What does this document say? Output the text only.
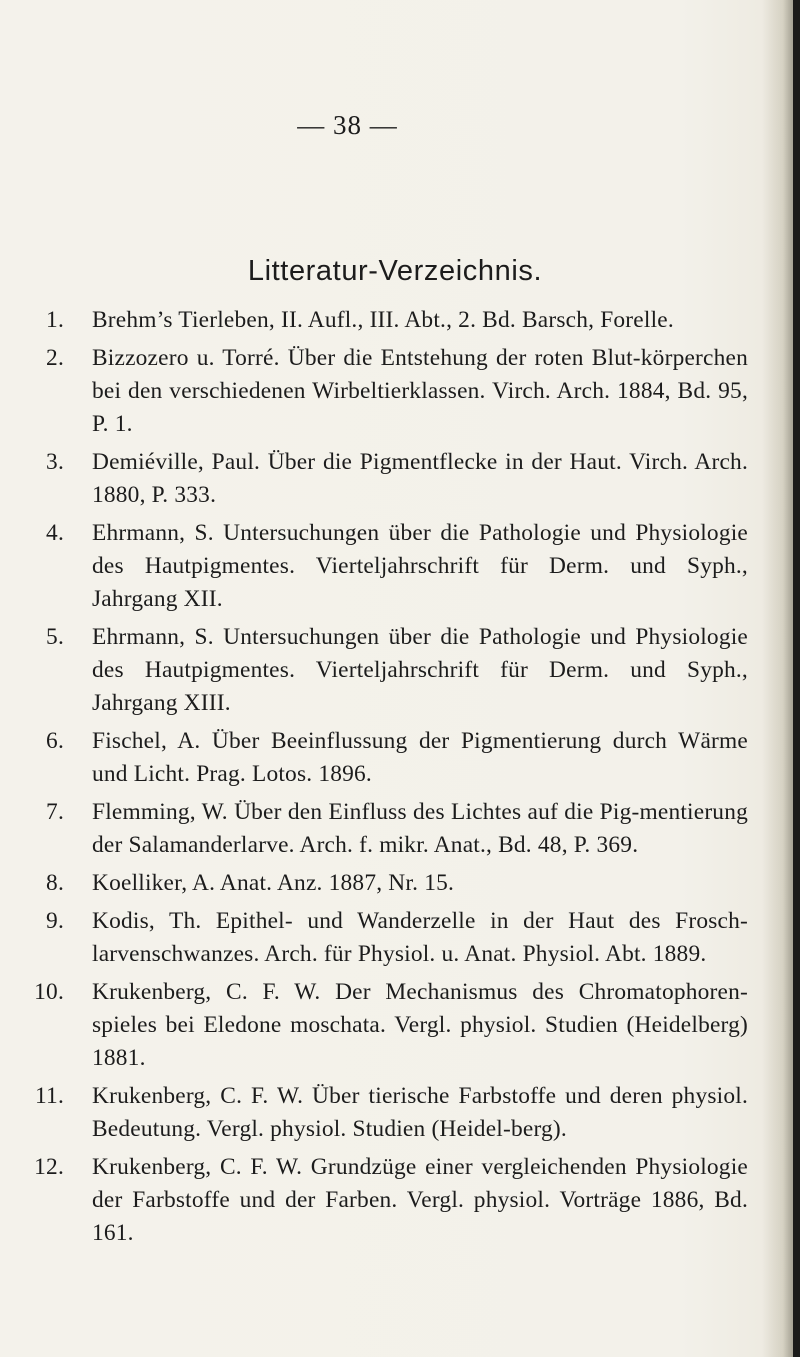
— 38 —
Litteratur-Verzeichnis.
1. Brehm’s Tierleben, II. Aufl., III. Abt., 2. Bd. Barsch, Forelle.
2. Bizzozero u. Torré. Über die Entstehung der roten Blut-körperchen bei den verschiedenen Wirbeltierklassen. Virch. Arch. 1884, Bd. 95, P. 1.
3. Demiéville, Paul. Über die Pigmentflecke in der Haut. Virch. Arch. 1880, P. 333.
4. Ehrmann, S. Untersuchungen über die Pathologie und Physiologie des Hautpigmentes. Vierteljahrschrift für Derm. und Syph., Jahrgang XII.
5. Ehrmann, S. Untersuchungen über die Pathologie und Physiologie des Hautpigmentes. Vierteljahrschrift für Derm. und Syph., Jahrgang XIII.
6. Fischel, A. Über Beeinflussung der Pigmentierung durch Wärme und Licht. Prag. Lotos. 1896.
7. Flemming, W. Über den Einfluss des Lichtes auf die Pig-mentierung der Salamanderlarve. Arch. f. mikr. Anat., Bd. 48, P. 369.
8. Koelliker, A. Anat. Anz. 1887, Nr. 15.
9. Kodis, Th. Epithel- und Wanderzelle in der Haut des Frosch-larvenschwanzes. Arch. für Physiol. u. Anat. Physiol. Abt. 1889.
10. Krukenberg, C. F. W. Der Mechanismus des Chromatophoren-spieles bei Eledone moschata. Vergl. physiol. Studien (Heidelberg) 1881.
11. Krukenberg, C. F. W. Über tierische Farbstoffe und deren physiol. Bedeutung. Vergl. physiol. Studien (Heidel-berg).
12. Krukenberg, C. F. W. Grundzüge einer vergleichenden Physiologie der Farbstoffe und der Farben. Vergl. physiol. Vorträge 1886, Bd. 161.
